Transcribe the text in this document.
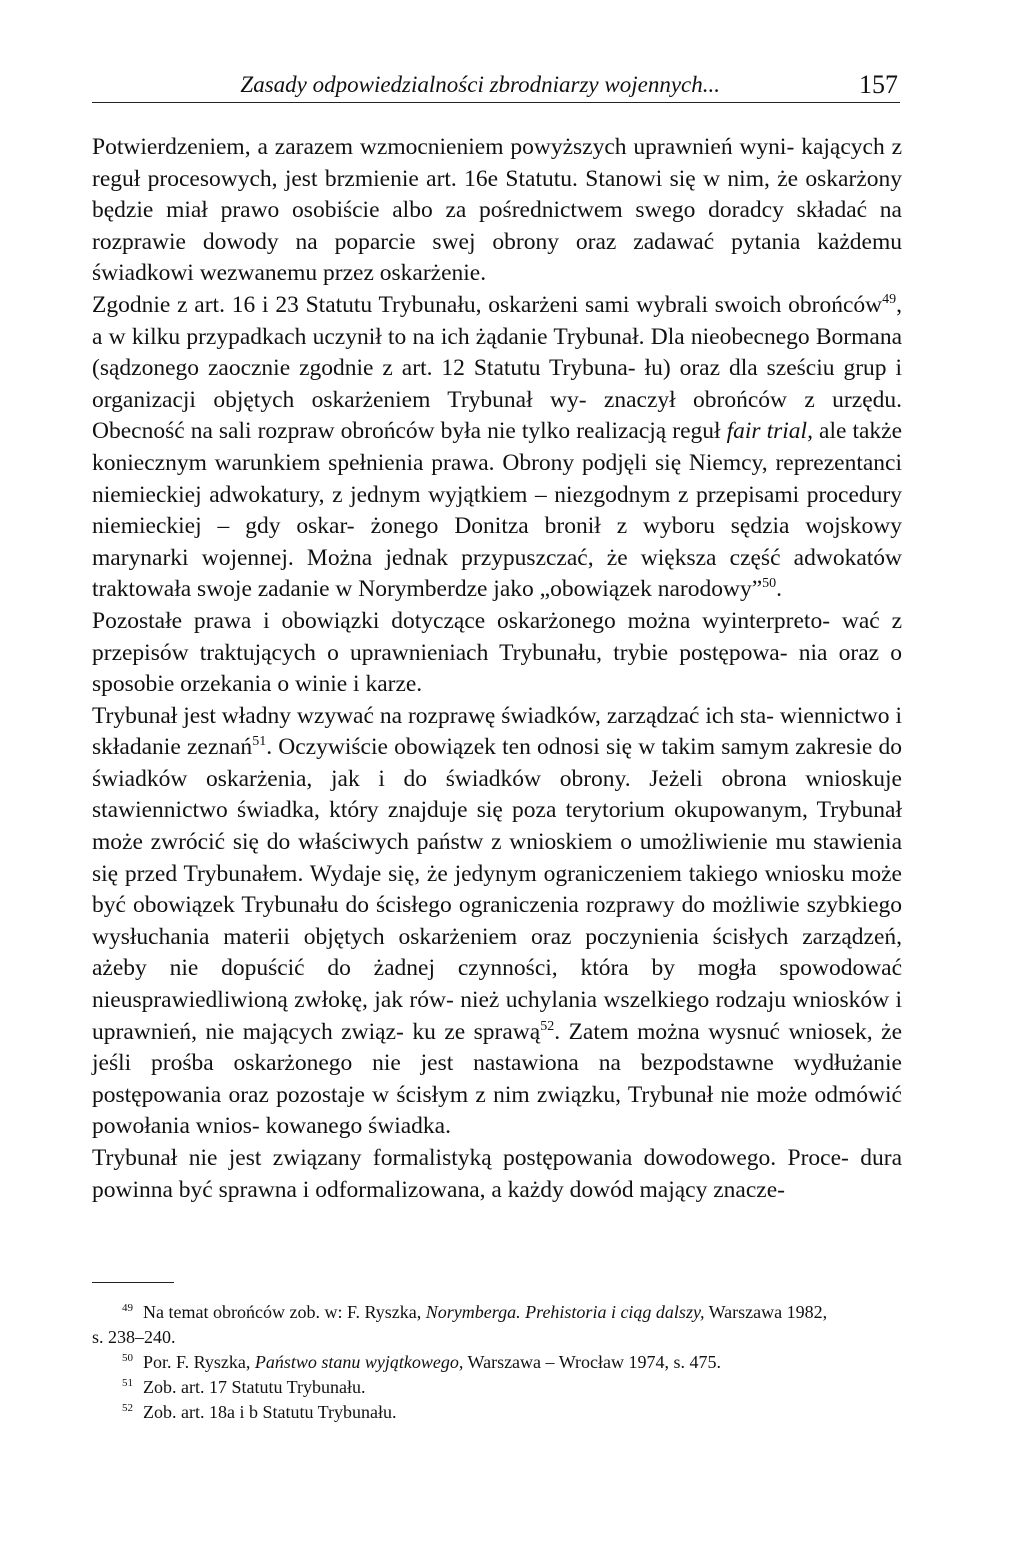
Zasady odpowiedzialności zbrodniarzy wojennych...	157

Potwierdzeniem, a zarazem wzmocnieniem powyższych uprawnień wyni- kających z reguł procesowych, jest brzmienie art. 16e Statutu. Stanowi się w nim, że oskarżony będzie miał prawo osobiście albo za pośrednictwem swego doradcy składać na rozprawie dowody na poparcie swej obrony oraz zadawać pytania każdemu świadkowi wezwanemu przez oskarżenie.

Zgodnie z art. 16 i 23 Statutu Trybunału, oskarżeni sami wybrali swoich obrońców$^{49}$, a w kilku przypadkach uczynił to na ich żądanie Trybunał. Dla nieobecnego Bormana (sądzonego zaocznie zgodnie z art. 12 Statutu Trybuna- łu) oraz dla sześciu grup i organizacji objętych oskarżeniem Trybunał wy- znaczył obrońców z urzędu. Obecność na sali rozpraw obrońców była nie tylko realizacją reguł fair trial, ale także koniecznym warunkiem spełnienia prawa. Obrony podjęli się Niemcy, reprezentanci niemieckiej adwokatury, z jednym wyjątkiem – niezgodnym z przepisami procedury niemieckiej – gdy oskar- żonego Donitza bronił z wyboru sędzia wojskowy marynarki wojennej. Można jednak przypuszczać, że większa część adwokatów traktowała swoje zadanie w Norymberdze jako „obowiązek narodowy”$^{50}$.

Pozostałe prawa i obowiązki dotyczące oskarżonego można wyinterpreto- wać z przepisów traktujących o uprawnieniach Trybunału, trybie postępowa- nia oraz o sposobie orzekania o winie i karze.

Trybunał jest władny wzywać na rozprawę świadków, zarządzać ich sta- wiennictwo i składanie zeznań$^{51}$. Oczywiście obowiązek ten odnosi się w takim samym zakresie do świadków oskarżenia, jak i do świadków obrony. Jeżeli obrona wnioskuje stawiennictwo świadka, który znajduje się poza terytorium okupowanym, Trybunał może zwrócić się do właściwych państw z wnioskiem o umożliwienie mu stawienia się przed Trybunałem. Wydaje się, że jedynym ograniczeniem takiego wniosku może być obowiązek Trybunału do ścisłego ograniczenia rozprawy do możliwie szybkiego wysłuchania materii objętych oskarżeniem oraz poczynienia ścisłych zarządzeń, ażeby nie dopuścić do żadnej czynności, która by mogła spowodować nieusprawiedliwioną zwłokę, jak rów- nież uchylania wszelkiego rodzaju wniosków i uprawnień, nie mających związ- ku ze sprawą$^{52}$. Zatem można wysnuć wniosek, że jeśli prośba oskarżonego nie jest nastawiona na bezpodstawne wydłużanie postępowania oraz pozostaje w ścisłym z nim związku, Trybunał nie może odmówić powołania wnios- kowanego świadka.

Trybunał nie jest związany formalistyką postępowania dowodowego. Proce- dura powinna być sprawna i odformalizowana, a każdy dowód mający znacze-

$^{49}$ Na temat obrońców zob. w: F. Ryszka, Norymberga. Prehistoria i ciąg dalszy, Warszawa 1982,

s. 238–240.

$^{50}$ Por. F. Ryszka, Państwo stanu wyjątkowego, Warszawa – Wrocław 1974, s. 475.

$^{51}$ Zob. art. 17 Statutu Trybunału.

$^{52}$ Zob. art. 18a i b Statutu Trybunału.
